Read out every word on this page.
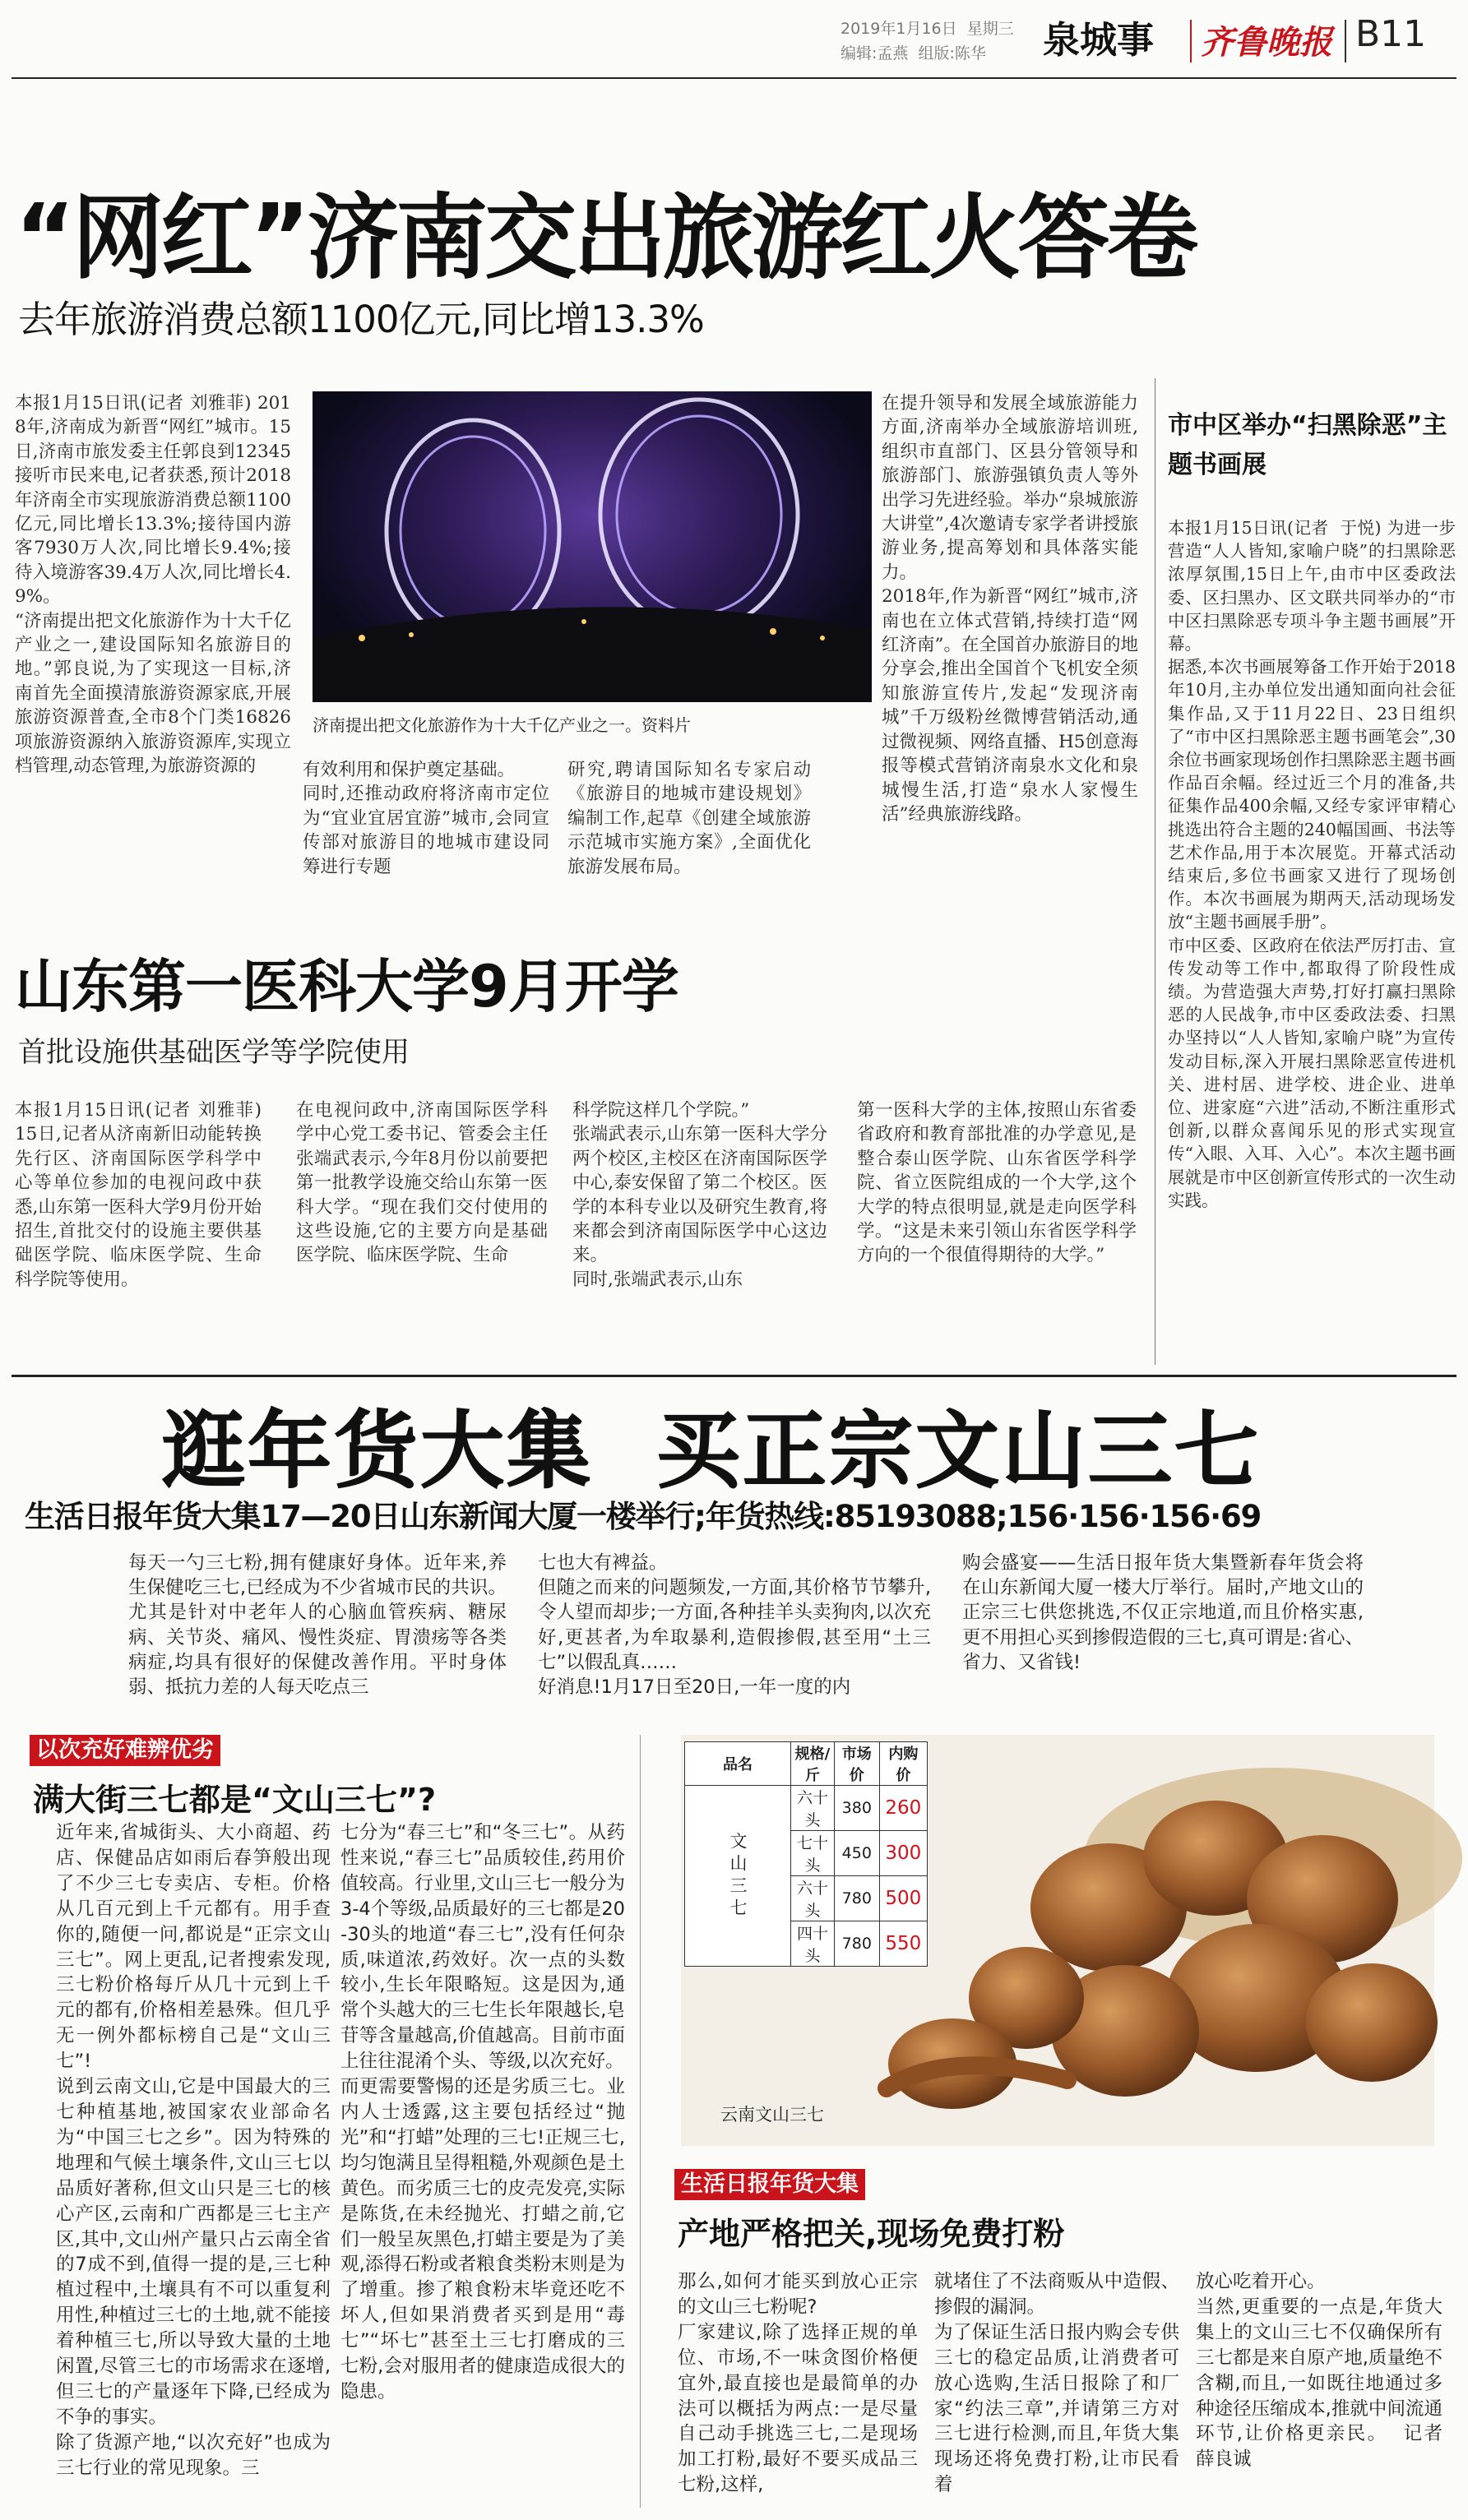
2019年1月16日  星期三
编辑:孟燕  组版:陈华 泉城事 齐鲁晚报 B11
“网红”济南交出旅游红火答卷
去年旅游消费总额1100亿元,同比增13.3%
济南提出把文化旅游作为十大千亿产业之一。资料片
本报1月15日讯(记者 刘雅菲) 2018年,济南成为新晋“网红”城市。15日,济南市旅发委主任郭良到12345接听市民来电,记者获悉,预计2018年济南全市实现旅游消费总额1100亿元,同比增长13.3%;接待国内游客7930万人次,同比增长9.4%;接待入境游客39.4万人次,同比增长4.9%。
“济南提出把文化旅游作为十大千亿产业之一,建设国际知名旅游目的地。”郭良说,为了实现这一目标,济南首先全面摸清旅游资源家底,开展旅游资源普查,全市8个门类16826项旅游资源纳入旅游资源库,实现立档管理,动态管理,为旅游资源的	有效利用和保护奠定基础。
同时,还推动政府将济南市定位为“宜业宜居宜游”城市,会同宣传部对旅游目的地城市建设同筹进行专题
研究,聘请国际知名专家启动《旅游目的地城市建设规划》编制工作,起草《创建全域旅游示范城市实施方案》,全面优化旅游发展布局。
在提升领导和发展全域旅游能力方面,济南举办全域旅游培训班,组织市直部门、区县分管领导和旅游部门、旅游强镇负责人等外出学习先进经验。举办“泉城旅游大讲堂”,4次邀请专家学者讲授旅游业务,提高筹划和具体落实能力。
2018年,作为新晋“网红”城市,济南也在立体式营销,持续打造“网红济南”。在全国首办旅游目的地分享会,推出全国首个飞机安全须知旅游宣传片,发起“发现济南城”千万级粉丝微博营销活动,通过微视频、网络直播、H5创意海报等模式营销济南泉水文化和泉城慢生活,打造“泉水人家慢生活”经典旅游线路。
市中区举办“扫黑除恶”主题书画展
本报1月15日讯(记者  于悦) 为进一步营造“人人皆知,家喻户晓”的扫黑除恶浓厚氛围,15日上午,由市中区委政法委、区扫黑办、区文联共同举办的“市中区扫黑除恶专项斗争主题书画展”开幕。
据悉,本次书画展筹备工作开始于2018年10月,主办单位发出通知面向社会征集作品,又于11月22日、23日组织了“市中区扫黑除恶主题书画笔会”,30余位书画家现场创作扫黑除恶主题书画作品百余幅。经过近三个月的准备,共征集作品400余幅,又经专家评审精心挑选出符合主题的240幅国画、书法等艺术作品,用于本次展览。开幕式活动结束后,多位书画家又进行了现场创作。本次书画展为期两天,活动现场发放“主题书画展手册”。
市中区委、区政府在依法严厉打击、宣传发动等工作中,都取得了阶段性成绩。为营造强大声势,打好打赢扫黑除恶的人民战争,市中区委政法委、扫黑办坚持以“人人皆知,家喻户晓”为宣传发动目标,深入开展扫黑除恶宣传进机关、进村居、进学校、进企业、进单位、进家庭“六进”活动,不断注重形式创新,以群众喜闻乐见的形式实现宣传“入眼、入耳、入心”。本次主题书画展就是市中区创新宣传形式的一次生动实践。
山东第一医科大学9月开学
首批设施供基础医学等学院使用
本报1月15日讯(记者 刘雅菲) 15日,记者从济南新旧动能转换先行区、济南国际医学科学中心等单位参加的电视问政中获悉,山东第一医科大学9月份开始招生,首批交付的设施主要供基础医学院、临床医学院、生命科学院等使用。
在电视问政中,济南国际医学科学中心党工委书记、管委会主任张端武表示,今年8月份以前要把第一批教学设施交给山东第一医科大学。“现在我们交付使用的这些设施,它的主要方向是基础医学院、临床医学院、生命
科学院这样几个学院。”
张端武表示,山东第一医科大学分两个校区,主校区在济南国际医学中心,泰安保留了第二个校区。医学的本科专业以及研究生教育,将来都会到济南国际医学中心这边来。
同时,张端武表示,山东
第一医科大学的主体,按照山东省委省政府和教育部批准的办学意见,是整合泰山医学院、山东省医学科学院、省立医院组成的一个大学,这个大学的特点很明显,就是走向医学科学。“这是未来引领山东省医学科学方向的一个很值得期待的大学。”
逛年货大集  买正宗文山三七
生活日报年货大集17—20日山东新闻大厦一楼举行;年货热线:85193088;156·156·156·69
每天一勺三七粉,拥有健康好身体。近年来,养生保健吃三七,已经成为不少省城市民的共识。尤其是针对中老年人的心脑血管疾病、糖尿病、关节炎、痛风、慢性炎症、胃溃疡等各类病症,均具有很好的保健改善作用。平时身体弱、抵抗力差的人每天吃点三
七也大有裨益。
但随之而来的问题频发,一方面,其价格节节攀升,令人望而却步;一方面,各种挂羊头卖狗肉,以次充好,更甚者,为牟取暴利,造假掺假,甚至用“土三七”以假乱真……
好消息!1月17日至20日,一年一度的内
购会盛宴——生活日报年货大集暨新春年货会将在山东新闻大厦一楼大厅举行。届时,产地文山的正宗三七供您挑选,不仅正宗地道,而且价格实惠,更不用担心买到掺假造假的三七,真可谓是:省心、省力、又省钱!
以次充好难辨优劣
满大街三七都是“文山三七”?
近年来,省城街头、大小商超、药店、保健品店如雨后春笋般出现了不少三七专卖店、专柜。价格从几百元到上千元都有。用手查你的,随便一问,都说是“正宗文山三七”。网上更乱,记者搜索发现,三七粉价格每斤从几十元到上千元的都有,价格相差悬殊。但几乎无一例外都标榜自己是“文山三七”!
说到云南文山,它是中国最大的三七种植基地,被国家农业部命名为“中国三七之乡”。因为特殊的地理和气候土壤条件,文山三七以品质好著称,但文山只是三七的核心产区,云南和广西都是三七主产区,其中,文山州产量只占云南全省的7成不到,值得一提的是,三七种植过程中,土壤具有不可以重复利用性,种植过三七的土地,就不能接着种植三七,所以导致大量的土地闲置,尽管三七的市场需求在逐增,但三七的产量逐年下降,已经成为不争的事实。
除了货源产地,“以次充好”也成为三七行业的常见现象。三
七分为“春三七”和“冬三七”。从药性来说,“春三七”品质较佳,药用价值较高。行业里,文山三七一般分为3-4个等级,品质最好的三七都是20-30头的地道“春三七”,没有任何杂质,味道浓,药效好。次一点的头数较小,生长年限略短。这是因为,通常个头越大的三七生长年限越长,皂苷等含量越高,价值越高。目前市面上往往混淆个头、等级,以次充好。
而更需要警惕的还是劣质三七。业内人士透露,这主要包括经过“抛光”和“打蜡”处理的三七!正规三七,均匀饱满且呈得粗糙,外观颜色是土黄色。而劣质三七的皮壳发亮,实际是陈货,在未经抛光、打蜡之前,它们一般呈灰黑色,打蜡主要是为了美观,添得石粉或者粮食类粉末则是为了增重。掺了粮食粉末毕竟还吃不坏人,但如果消费者买到是用“毒七”“坏七”甚至土三七打磨成的三七粉,会对服用者的健康造成很大的隐患。
品名	规格/斤	市场价	内购价
文山三七	六十头	380	260
	七十头	450	300
	六十头	780	500
	四十头	780	550
云南文山三七
生活日报年货大集
产地严格把关,现场免费打粉
那么,如何才能买到放心正宗的文山三七粉呢?
厂家建议,除了选择正规的单位、市场,不一味贪图价格便宜外,最直接也是最简单的办法可以概括为两点:一是尽量自己动手挑选三七,二是现场加工打粉,最好不要买成品三七粉,这样,
就堵住了不法商贩从中造假、掺假的漏洞。
为了保证生活日报内购会专供三七的稳定品质,让消费者可放心选购,生活日报除了和厂家“约法三章”,并请第三方对三七进行检测,而且,年货大集现场还将免费打粉,让市民看着
放心吃着开心。
当然,更重要的一点是,年货大集上的文山三七不仅确保所有三七都是来自原产地,质量绝不含糊,而且,一如既往地通过多种途径压缩成本,推就中间流通环节,让价格更亲民。  记者  薛良诚
